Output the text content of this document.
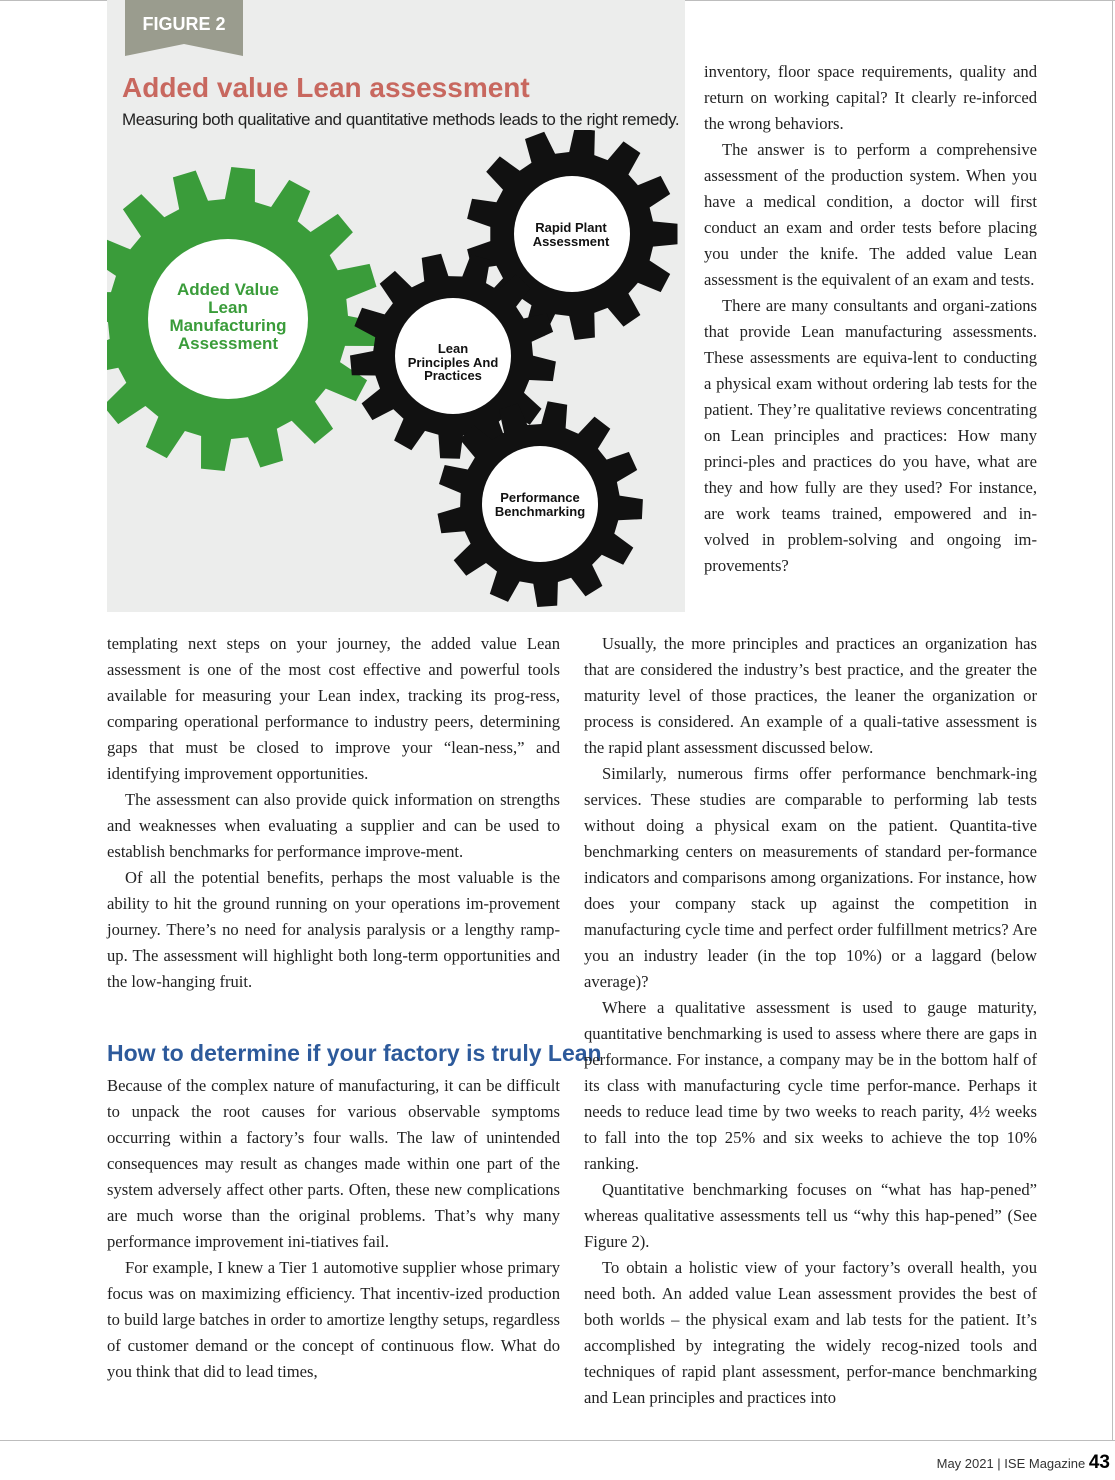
FIGURE 2
Added value Lean assessment
Measuring both qualitative and quantitative methods leads to the right remedy.
Added Value
Lean
Manufacturing
Assessment
Rapid Plant
Assessment
Lean
Principles And
Practices
Performance
Benchmarking

inventory, floor space requirements, quality and return on working capital? It clearly re-inforced the wrong behaviors.

The answer is to perform a comprehensive assessment of the production system. When you have a medical condition, a doctor will first conduct an exam and order tests before placing you under the knife. The added value Lean assessment is the equivalent of an exam and tests.

There are many consultants and organi-zations that provide Lean manufacturing assessments. These assessments are equiva-lent to conducting a physical exam without ordering lab tests for the patient. They’re qualitative reviews concentrating on Lean principles and practices: How many princi-ples and practices do you have, what are they and how fully are they used? For instance, are work teams trained, empowered and in-volved in problem-solving and ongoing im-provements?

templating next steps on your journey, the added value Lean assessment is one of the most cost effective and powerful tools available for measuring your Lean index, tracking its prog-ress, comparing operational performance to industry peers, determining gaps that must be closed to improve your “lean-ness,” and identifying improvement opportunities.

The assessment can also provide quick information on strengths and weaknesses when evaluating a supplier and can be used to establish benchmarks for performance improve-ment.

Of all the potential benefits, perhaps the most valuable is the ability to hit the ground running on your operations im-provement journey. There’s no need for analysis paralysis or a lengthy ramp-up. The assessment will highlight both long-term opportunities and the low-hanging fruit.

How to determine if your factory is truly Lean

Because of the complex nature of manufacturing, it can be difficult to unpack the root causes for various observable symptoms occurring within a factory’s four walls. The law of unintended consequences may result as changes made within one part of the system adversely affect other parts. Often, these new complications are much worse than the original problems. That’s why many performance improvement ini-tiatives fail.

For example, I knew a Tier 1 automotive supplier whose primary focus was on maximizing efficiency. That incentiv-ized production to build large batches in order to amortize lengthy setups, regardless of customer demand or the concept of continuous flow. What do you think that did to lead times,

Usually, the more principles and practices an organization has that are considered the industry’s best practice, and the greater the maturity level of those practices, the leaner the organization or process is considered. An example of a quali-tative assessment is the rapid plant assessment discussed below.

Similarly, numerous firms offer performance benchmark-ing services. These studies are comparable to performing lab tests without doing a physical exam on the patient. Quantita-tive benchmarking centers on measurements of standard per-formance indicators and comparisons among organizations. For instance, how does your company stack up against the competition in manufacturing cycle time and perfect order fulfillment metrics? Are you an industry leader (in the top 10%) or a laggard (below average)?

Where a qualitative assessment is used to gauge maturity, quantitative benchmarking is used to assess where there are gaps in performance. For instance, a company may be in the bottom half of its class with manufacturing cycle time perfor-mance. Perhaps it needs to reduce lead time by two weeks to reach parity, 4½ weeks to fall into the top 25% and six weeks to achieve the top 10% ranking.

Quantitative benchmarking focuses on “what has hap-pened” whereas qualitative assessments tell us “why this hap-pened” (See Figure 2).

To obtain a holistic view of your factory’s overall health, you need both. An added value Lean assessment provides the best of both worlds – the physical exam and lab tests for the patient. It’s accomplished by integrating the widely recog-nized tools and techniques of rapid plant assessment, perfor-mance benchmarking and Lean principles and practices into

May 2021 | ISE Magazine 43
